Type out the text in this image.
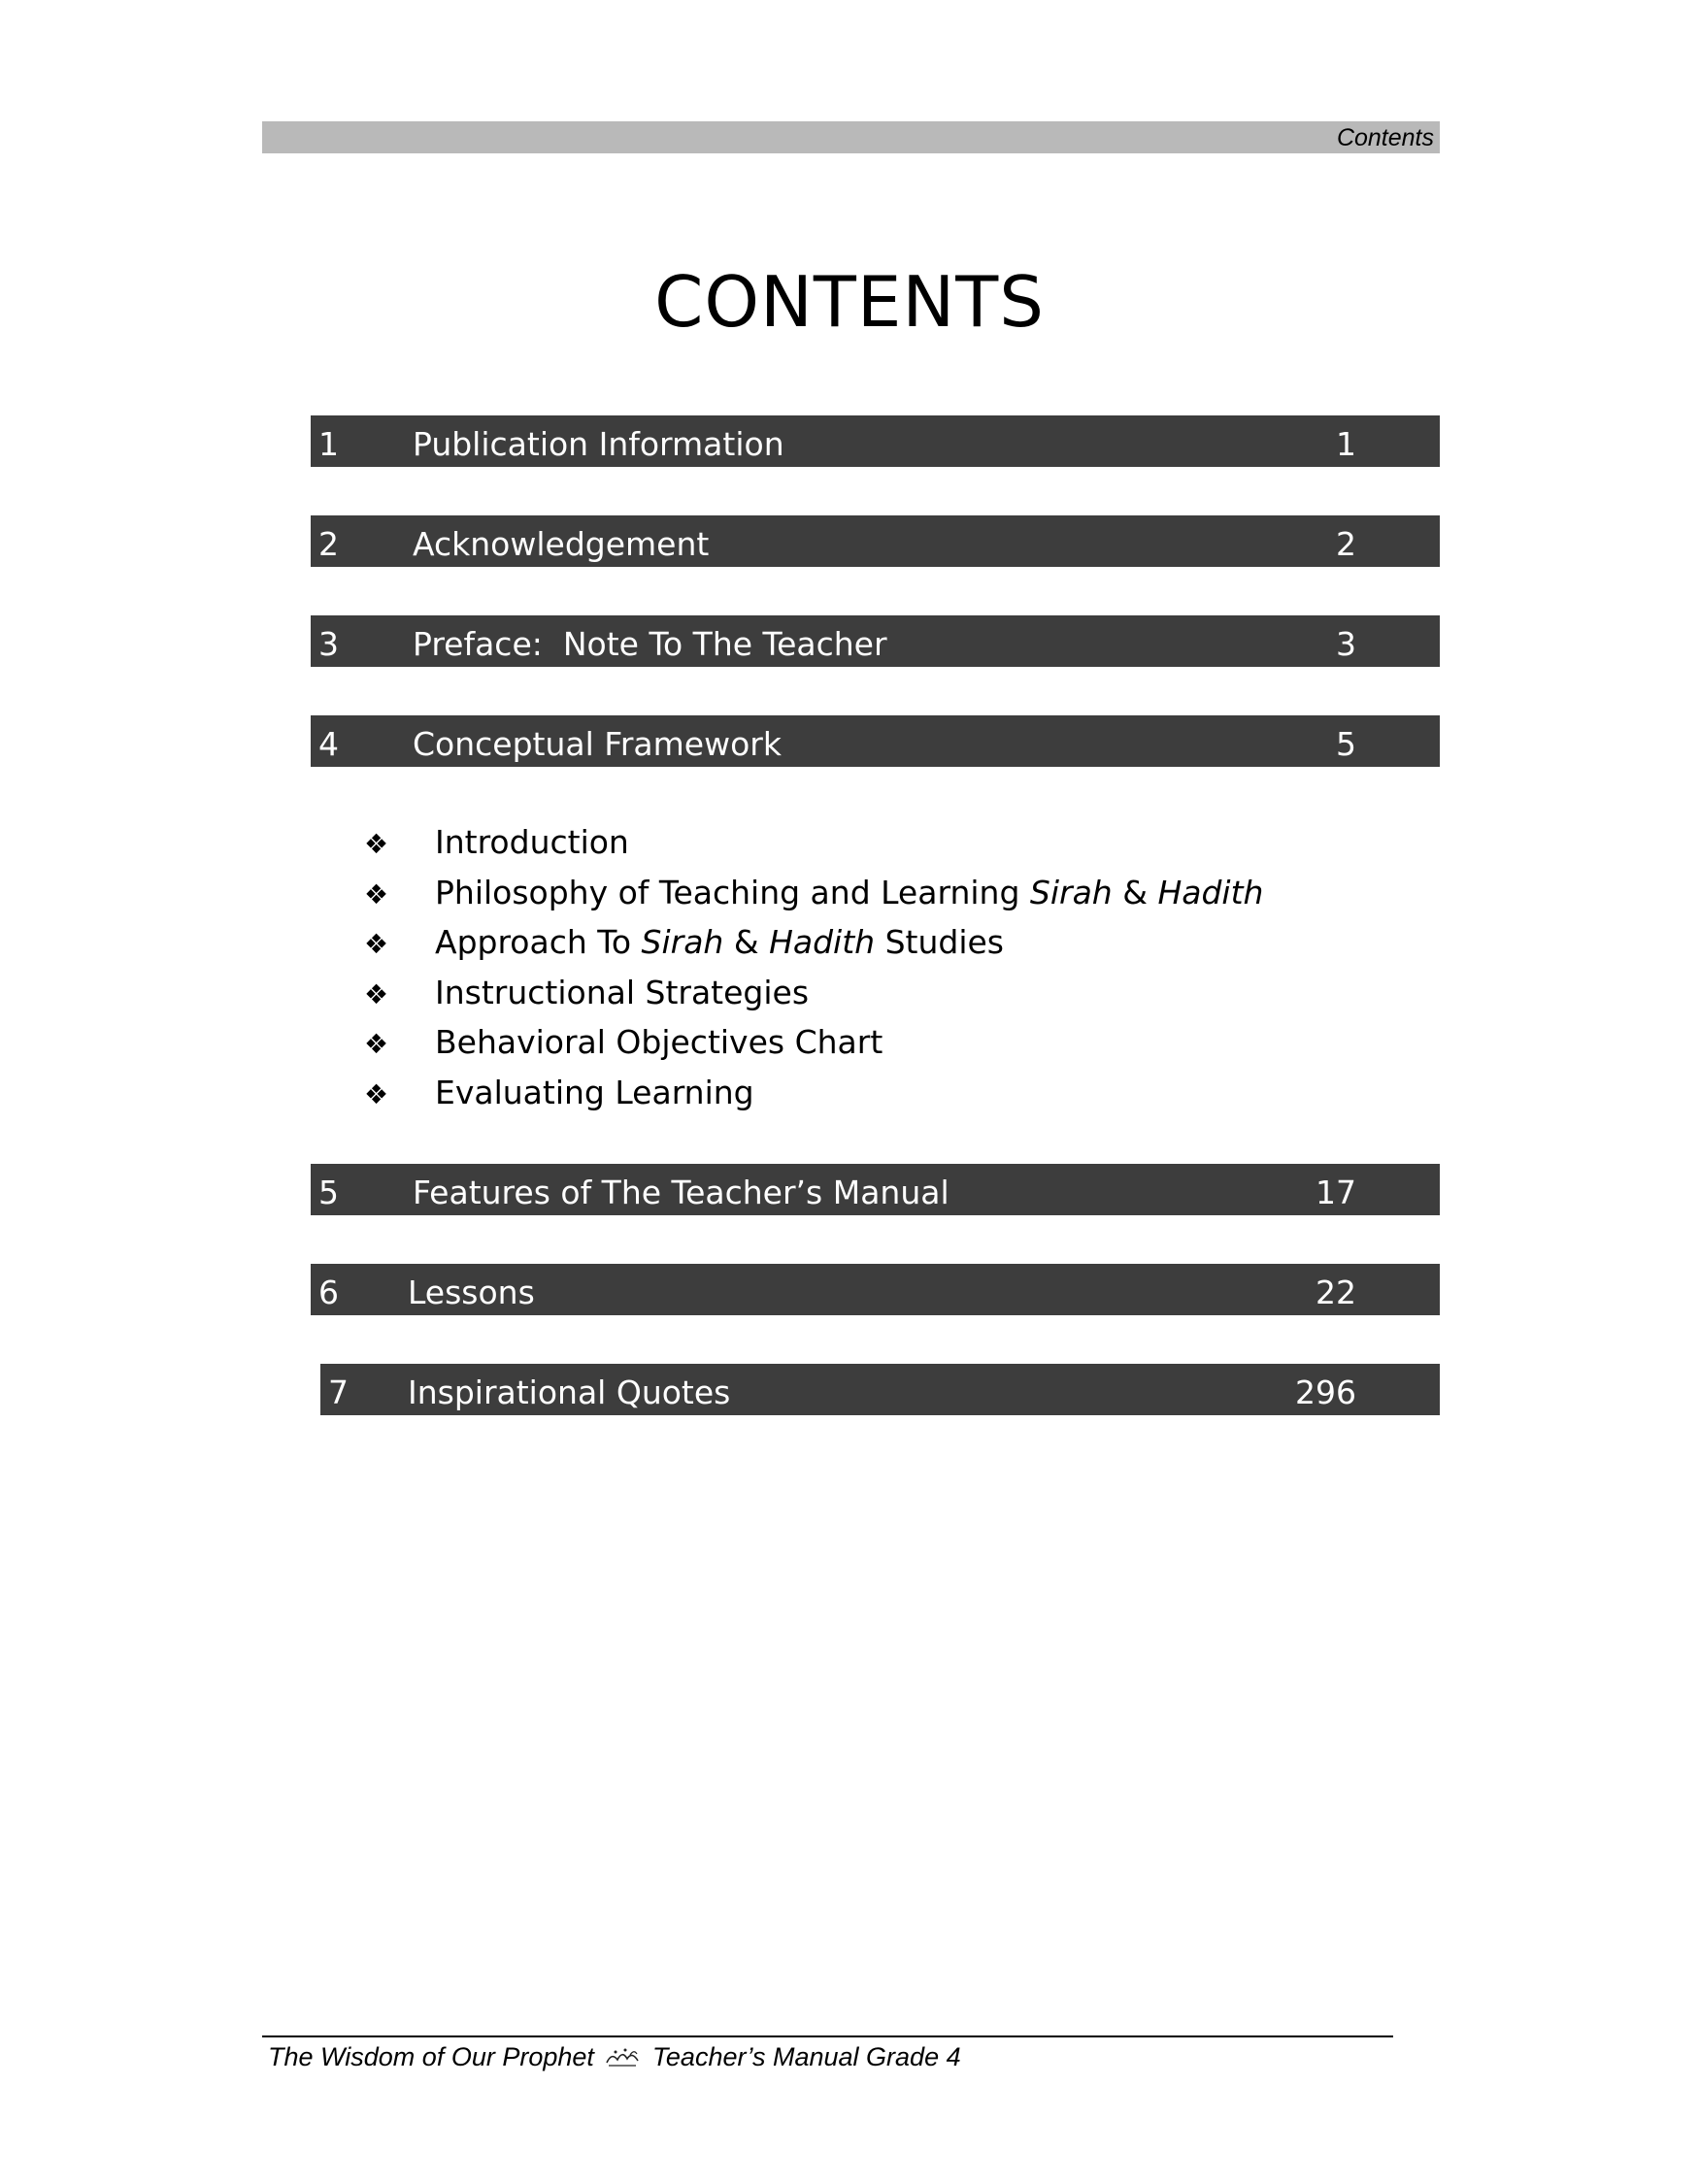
Contents
CONTENTS
1 Publication Information	1
2 Acknowledgement	2
3 Preface:  Note To The Teacher	3
4 Conceptual Framework	5
❖ Introduction
❖ Philosophy of Teaching and Learning Sirah & Hadith
❖ Approach To Sirah & Hadith Studies
❖ Instructional Strategies
❖ Behavioral Objectives Chart
❖ Evaluating Learning
5 Features of The Teacher’s Manual	17
6 Lessons	22
7 Inspirational Quotes	296
The Wisdom of Our Prophet Teacher’s Manual Grade 4
